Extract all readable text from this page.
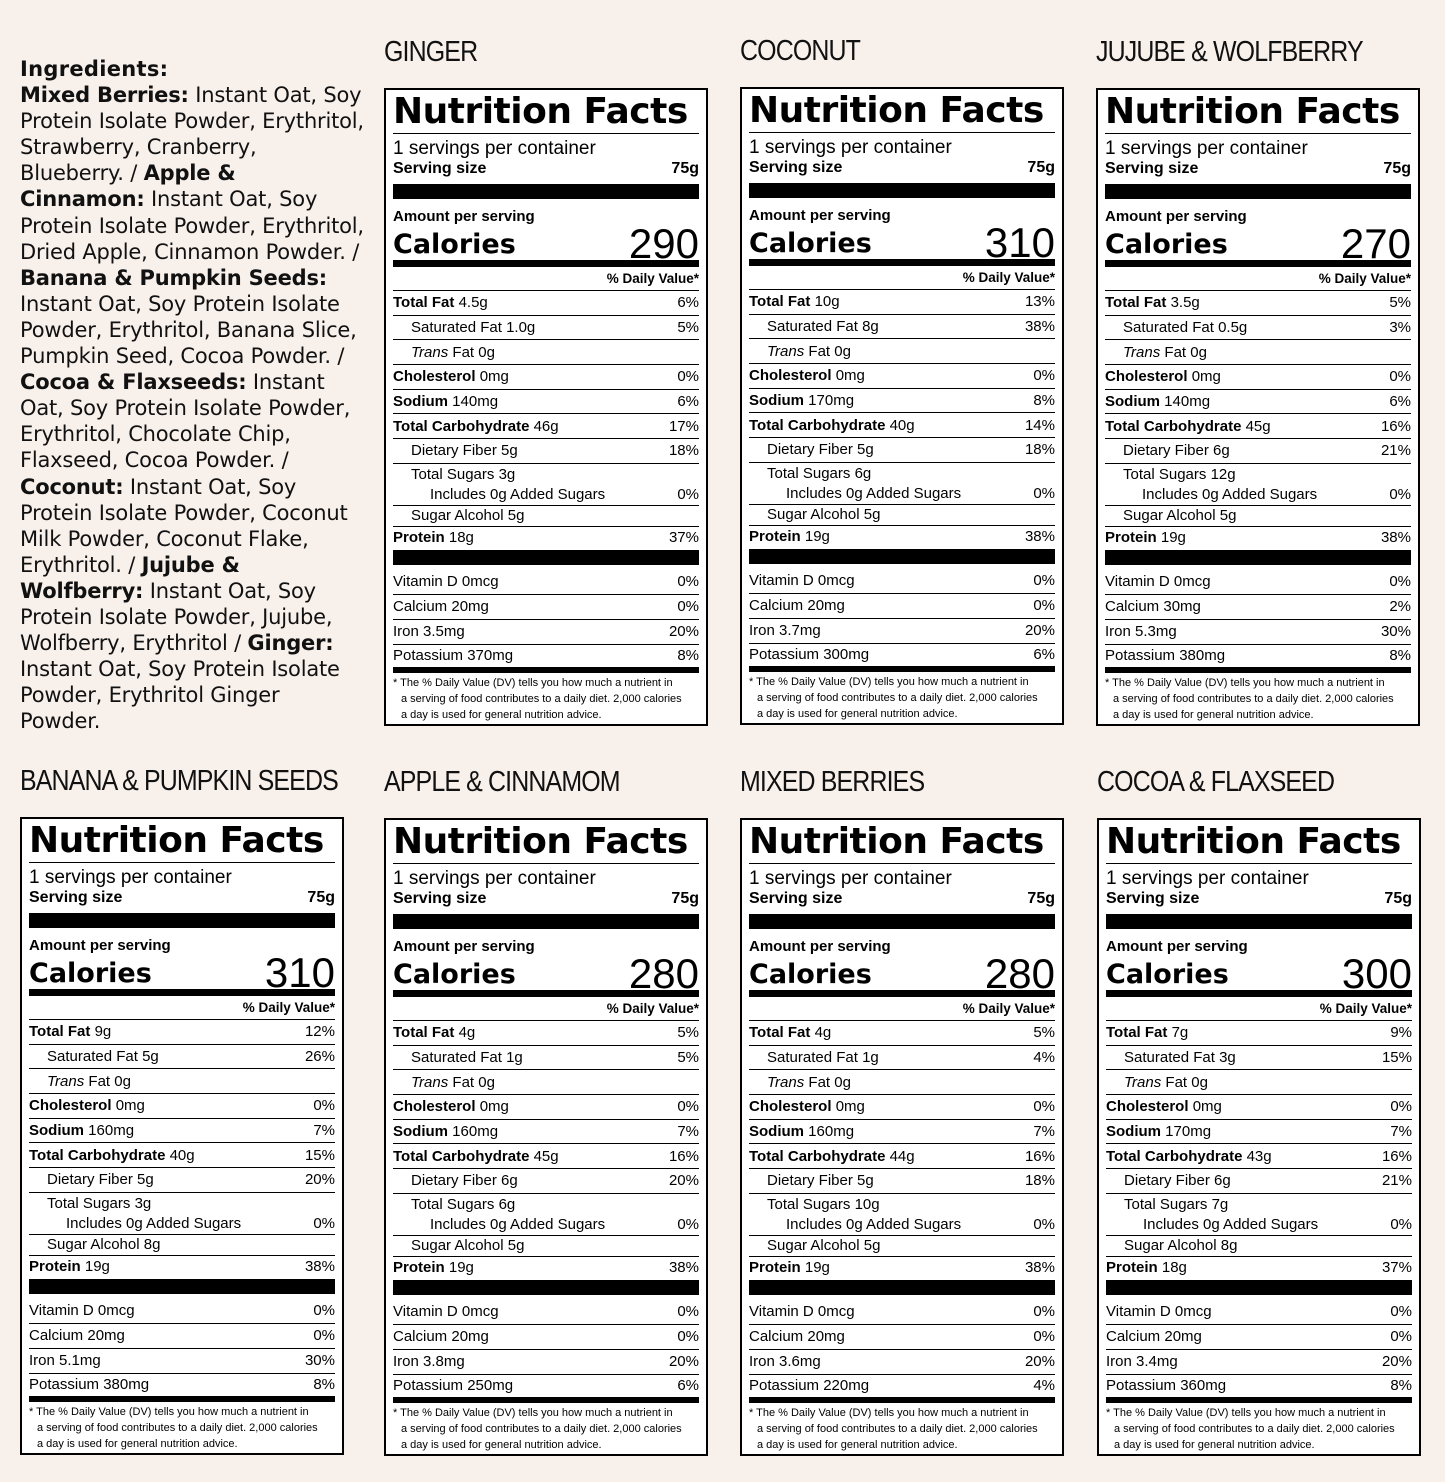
Ingredients:
Mixed Berries: Instant Oat, Soy Protein Isolate Powder, Erythritol, Strawberry, Cranberry, Blueberry. / Apple & Cinnamon: Instant Oat, Soy Protein Isolate Powder, Erythritol, Dried Apple, Cinnamon Powder. / Banana & Pumpkin Seeds: Instant Oat, Soy Protein Isolate Powder, Erythritol, Banana Slice, Pumpkin Seed, Cocoa Powder. / Cocoa & Flaxseeds: Instant Oat, Soy Protein Isolate Powder, Erythritol, Chocolate Chip, Flaxseed, Cocoa Powder. / Coconut: Instant Oat, Soy Protein Isolate Powder, Coconut Milk Powder, Coconut Flake, Erythritol. / Jujube & Wolfberry: Instant Oat, Soy Protein Isolate Powder, Jujube, Wolfberry, Erythritol / Ginger: Instant Oat, Soy Protein Isolate Powder, Erythritol Ginger Powder.
GINGER
Nutrition Facts
1 servings per container
Serving size	75g
Amount per serving
Calories	290
% Daily Value*
Total Fat 4.5g	6%
Saturated Fat 1.0g	5%
Trans Fat 0g
Cholesterol 0mg	0%
Sodium 140mg	6%
Total Carbohydrate 46g	17%
Dietary Fiber 5g	18%
Total Sugars 3g
Includes 0g Added Sugars	0%
Sugar Alcohol 5g
Protein 18g	37%
Vitamin D 0mcg	0%
Calcium 20mg	0%
Iron 3.5mg	20%
Potassium 370mg	8%
* The % Daily Value (DV) tells you how much a nutrient in
a serving of food contributes to a daily diet. 2,000 calories
a day is used for general nutrition advice.
COCONUT
Nutrition Facts
1 servings per container
Serving size	75g
Amount per serving
Calories	310
% Daily Value*
Total Fat 10g	13%
Saturated Fat 8g	38%
Trans Fat 0g
Cholesterol 0mg	0%
Sodium 170mg	8%
Total Carbohydrate 40g	14%
Dietary Fiber 5g	18%
Total Sugars 6g
Includes 0g Added Sugars	0%
Sugar Alcohol 5g
Protein 19g	38%
Vitamin D 0mcg	0%
Calcium 20mg	0%
Iron 3.7mg	20%
Potassium 300mg	6%
* The % Daily Value (DV) tells you how much a nutrient in
a serving of food contributes to a daily diet. 2,000 calories
a day is used for general nutrition advice.
JUJUBE & WOLFBERRY
Nutrition Facts
1 servings per container
Serving size	75g
Amount per serving
Calories	270
% Daily Value*
Total Fat 3.5g	5%
Saturated Fat 0.5g	3%
Trans Fat 0g
Cholesterol 0mg	0%
Sodium 140mg	6%
Total Carbohydrate 45g	16%
Dietary Fiber 6g	21%
Total Sugars 12g
Includes 0g Added Sugars	0%
Sugar Alcohol 5g
Protein 19g	38%
Vitamin D 0mcg	0%
Calcium 30mg	2%
Iron 5.3mg	30%
Potassium 380mg	8%
* The % Daily Value (DV) tells you how much a nutrient in
a serving of food contributes to a daily diet. 2,000 calories
a day is used for general nutrition advice.
BANANA & PUMPKIN SEEDS
Nutrition Facts
1 servings per container
Serving size	75g
Amount per serving
Calories	310
% Daily Value*
Total Fat 9g	12%
Saturated Fat 5g	26%
Trans Fat 0g
Cholesterol 0mg	0%
Sodium 160mg	7%
Total Carbohydrate 40g	15%
Dietary Fiber 5g	20%
Total Sugars 3g
Includes 0g Added Sugars	0%
Sugar Alcohol 8g
Protein 19g	38%
Vitamin D 0mcg	0%
Calcium 20mg	0%
Iron 5.1mg	30%
Potassium 380mg	8%
* The % Daily Value (DV) tells you how much a nutrient in
a serving of food contributes to a daily diet. 2,000 calories
a day is used for general nutrition advice.
APPLE & CINNAMOM
Nutrition Facts
1 servings per container
Serving size	75g
Amount per serving
Calories	280
% Daily Value*
Total Fat 4g	5%
Saturated Fat 1g	5%
Trans Fat 0g
Cholesterol 0mg	0%
Sodium 160mg	7%
Total Carbohydrate 45g	16%
Dietary Fiber 6g	20%
Total Sugars 6g
Includes 0g Added Sugars	0%
Sugar Alcohol 5g
Protein 19g	38%
Vitamin D 0mcg	0%
Calcium 20mg	0%
Iron 3.8mg	20%
Potassium 250mg	6%
* The % Daily Value (DV) tells you how much a nutrient in
a serving of food contributes to a daily diet. 2,000 calories
a day is used for general nutrition advice.
MIXED BERRIES
Nutrition Facts
1 servings per container
Serving size	75g
Amount per serving
Calories	280
% Daily Value*
Total Fat 4g	5%
Saturated Fat 1g	4%
Trans Fat 0g
Cholesterol 0mg	0%
Sodium 160mg	7%
Total Carbohydrate 44g	16%
Dietary Fiber 5g	18%
Total Sugars 10g
Includes 0g Added Sugars	0%
Sugar Alcohol 5g
Protein 19g	38%
Vitamin D 0mcg	0%
Calcium 20mg	0%
Iron 3.6mg	20%
Potassium 220mg	4%
* The % Daily Value (DV) tells you how much a nutrient in
a serving of food contributes to a daily diet. 2,000 calories
a day is used for general nutrition advice.
COCOA & FLAXSEED
Nutrition Facts
1 servings per container
Serving size	75g
Amount per serving
Calories	300
% Daily Value*
Total Fat 7g	9%
Saturated Fat 3g	15%
Trans Fat 0g
Cholesterol 0mg	0%
Sodium 170mg	7%
Total Carbohydrate 43g	16%
Dietary Fiber 6g	21%
Total Sugars 7g
Includes 0g Added Sugars	0%
Sugar Alcohol 8g
Protein 18g	37%
Vitamin D 0mcg	0%
Calcium 20mg	0%
Iron 3.4mg	20%
Potassium 360mg	8%
* The % Daily Value (DV) tells you how much a nutrient in
a serving of food contributes to a daily diet. 2,000 calories
a day is used for general nutrition advice.
